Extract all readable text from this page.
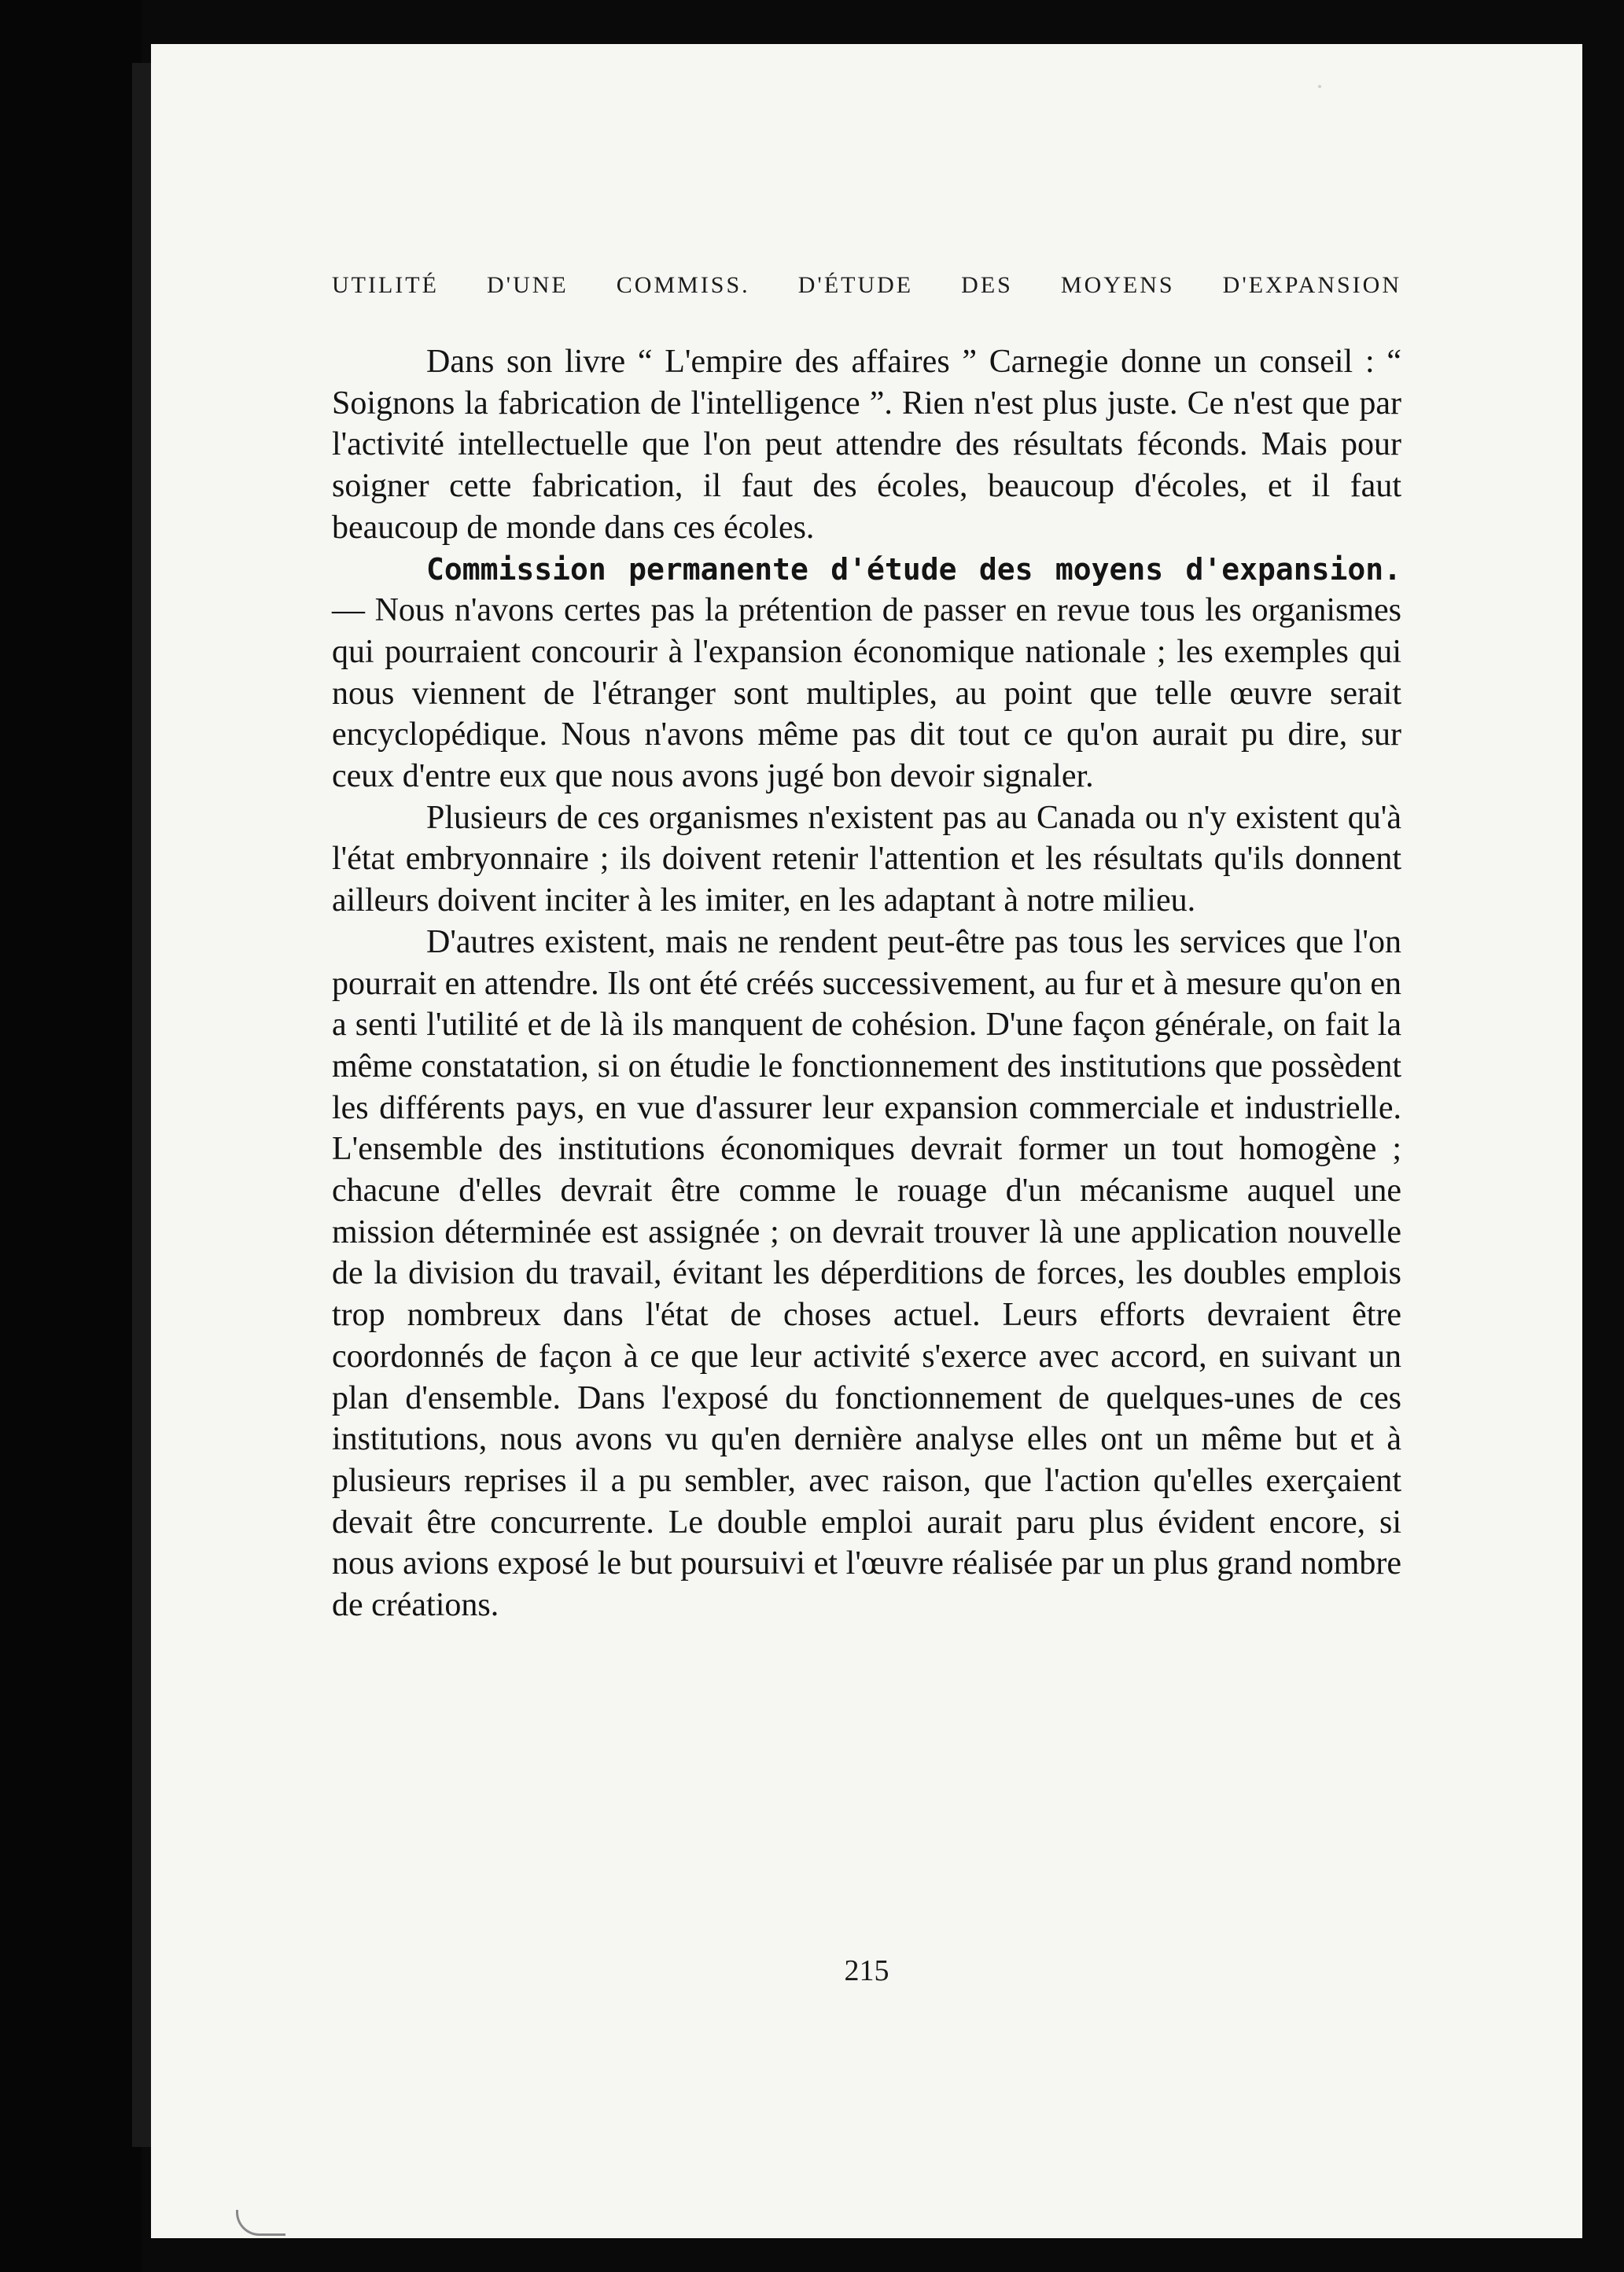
UTILITÉ D'UNE COMMISS. D'ÉTUDE DES MOYENS D'EXPANSION

Dans son livre “ L'empire des affaires ” Carnegie donne un conseil : “ Soignons la fabrication de l'intelligence ”. Rien n'est plus juste. Ce n'est que par l'activité intellectuelle que l'on peut attendre des résultats féconds. Mais pour soigner cette fabrication, il faut des écoles, beaucoup d'écoles, et il faut beaucoup de monde dans ces écoles.

Commission permanente d'étude des moyens d'expansion. — Nous n'avons certes pas la prétention de passer en revue tous les organismes qui pourraient concourir à l'expansion économique nationale ; les exemples qui nous viennent de l'étranger sont multiples, au point que telle œuvre serait encyclopédique. Nous n'avons même pas dit tout ce qu'on aurait pu dire, sur ceux d'entre eux que nous avons jugé bon devoir signaler.

Plusieurs de ces organismes n'existent pas au Canada ou n'y existent qu'à l'état embryonnaire ; ils doivent retenir l'attention et les résultats qu'ils donnent ailleurs doivent inciter à les imiter, en les adaptant à notre milieu.

D'autres existent, mais ne rendent peut-être pas tous les services que l'on pourrait en attendre. Ils ont été créés successivement, au fur et à mesure qu'on en a senti l'utilité et de là ils manquent de cohésion. D'une façon générale, on fait la même constatation, si on étudie le fonctionnement des institutions que possèdent les différents pays, en vue d'assurer leur expansion commerciale et industrielle. L'ensemble des institutions économiques devrait former un tout homogène ; chacune d'elles devrait être comme le rouage d'un mécanisme auquel une mission déterminée est assignée ; on devrait trouver là une application nouvelle de la division du travail, évitant les déperditions de forces, les doubles emplois trop nombreux dans l'état de choses actuel. Leurs efforts devraient être coordonnés de façon à ce que leur activité s'exerce avec accord, en suivant un plan d'ensemble. Dans l'exposé du fonctionnement de quelques-unes de ces institutions, nous avons vu qu'en dernière analyse elles ont un même but et à plusieurs reprises il a pu sembler, avec raison, que l'action qu'elles exerçaient devait être concurrente. Le double emploi aurait paru plus évident encore, si nous avions exposé le but poursuivi et l'œuvre réalisée par un plus grand nombre de créations.

215
